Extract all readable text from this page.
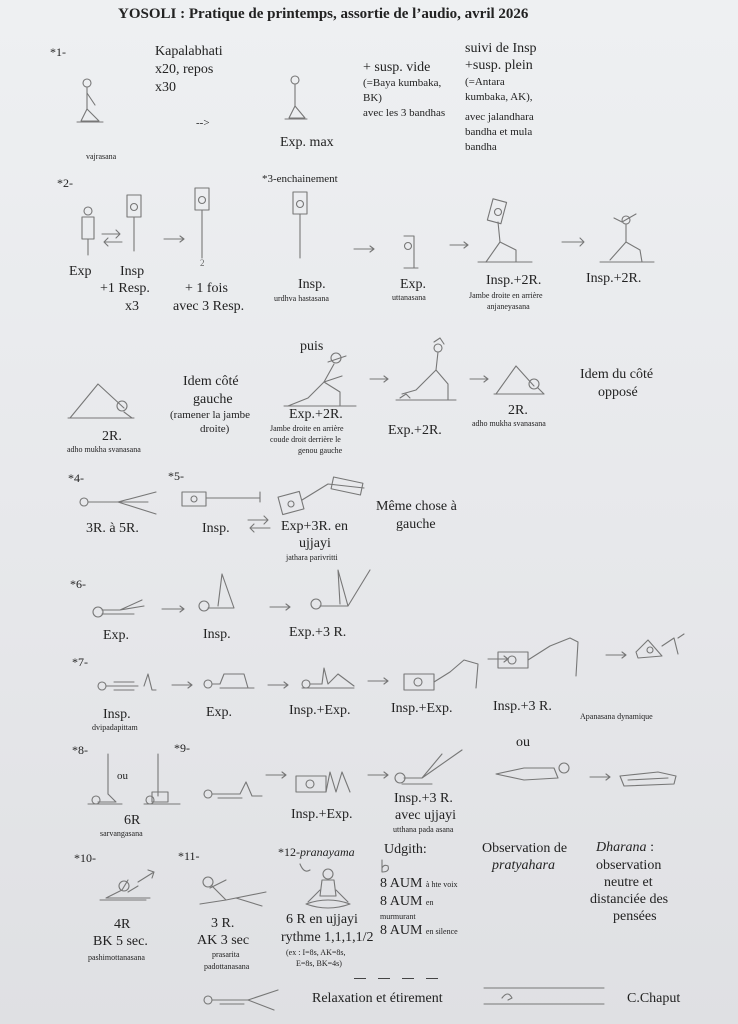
YOSOLI : Pratique de printemps, assortie de l’audio, avril 2026
*1-	Kapalabhati
x20, repos
x30
vajrasana
-->
Exp. max
+ susp. vide
(=Baya kumbaka,
BK)
avec les 3 bandhas
suivi de Insp
+susp. plein
(=Antara
kumbaka, AK),
avec jalandhara
bandha et mula
bandha
*2-
2
Exp Insp
+1 Resp.
x3
+ 1 fois
avec 3 Resp.
*3-enchainement
Insp.
urdhva hastasana
Exp.
uttanasana
Insp.+2R.
Jambe droite en arrière
anjaneyasana
Insp.+2R.
puis
2R.
adho mukha svanasana
Idem côté
gauche
(ramener la jambe
droite)
Exp.+2R.
Jambe droite en arrière
coude droit derrière le
genou gauche
Exp.+2R.
2R.
adho mukha svanasana
Idem du côté
opposé
*4-
3R. à 5R.
*5-
Insp.	Exp+3R. en
ujjayi
jathara parivritti
Même chose à
gauche
*6-
Exp.	Insp.	Exp.+3 R.
*7-
Insp.
dvipadapittam
Exp.	Insp.+Exp.	Insp.+Exp.	Insp.+3 R.
Apanasana dynamique
ou
*8-
ou
6R
sarvangasana
*9-
Insp.+Exp.
Insp.+3 R.
avec ujjayi
utthana pada asana
*10-
4R
BK 5 sec.
pashimottanasana
*11-
3 R.
AK 3 sec
prasarita
padottanasana
*12-pranayama
6 R en ujjayi
rythme 1,1,1,1/2
(ex : I=8s, AK=8s,
E=8s, BK=4s)
Udgith:
8 AUM à hte voix
8 AUM en
murmurant
8 AUM en silence
Observation de
pratyahara
Dharana :
observation
neutre et
distanciée des
pensées
Relaxation et étirement	C.Chaput
